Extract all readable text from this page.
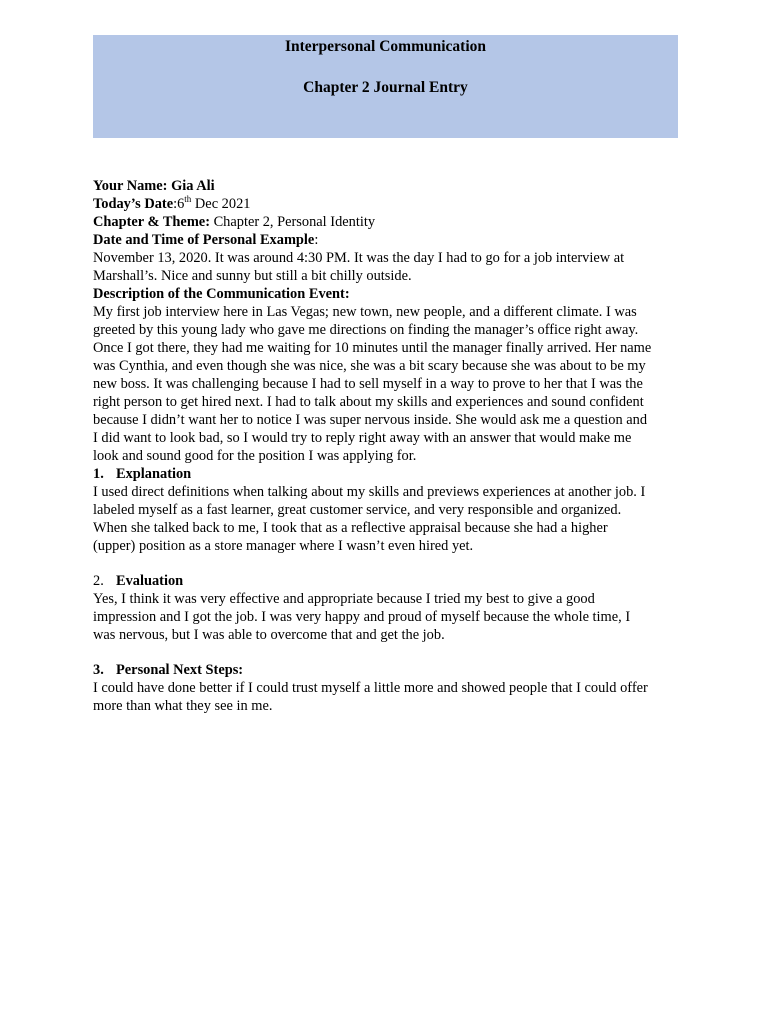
Interpersonal Communication
Chapter 2 Journal Entry
Your Name: Gia Ali
Today’s Date:6th Dec 2021
Chapter & Theme: Chapter 2, Personal Identity
Date and Time of Personal Example:
November 13, 2020. It was around 4:30 PM. It was the day I had to go for a job interview at
Marshall’s. Nice and sunny but still a bit chilly outside.
Description of the Communication Event:
My first job interview here in Las Vegas; new town, new people, and a different climate. I was
greeted by this young lady who gave me directions on finding the manager’s office right away.
Once I got there, they had me waiting for 10 minutes until the manager finally arrived. Her name
was Cynthia, and even though she was nice, she was a bit scary because she was about to be my
new boss. It was challenging because I had to sell myself in a way to prove to her that I was the
right person to get hired next. I had to talk about my skills and experiences and sound confident
because I didn’t want her to notice I was super nervous inside. She would ask me a question and
I did want to look bad, so I would try to reply right away with an answer that would make me
look and sound good for the position I was applying for.
1. Explanation
I used direct definitions when talking about my skills and previews experiences at another job. I
labeled myself as a fast learner, great customer service, and very responsible and organized.
When she talked back to me, I took that as a reflective appraisal because she had a higher
(upper) position as a store manager where I wasn’t even hired yet.
2. Evaluation
Yes, I think it was very effective and appropriate because I tried my best to give a good
impression and I got the job. I was very happy and proud of myself because the whole time, I
was nervous, but I was able to overcome that and get the job.
3. Personal Next Steps:
I could have done better if I could trust myself a little more and showed people that I could offer
more than what they see in me.
